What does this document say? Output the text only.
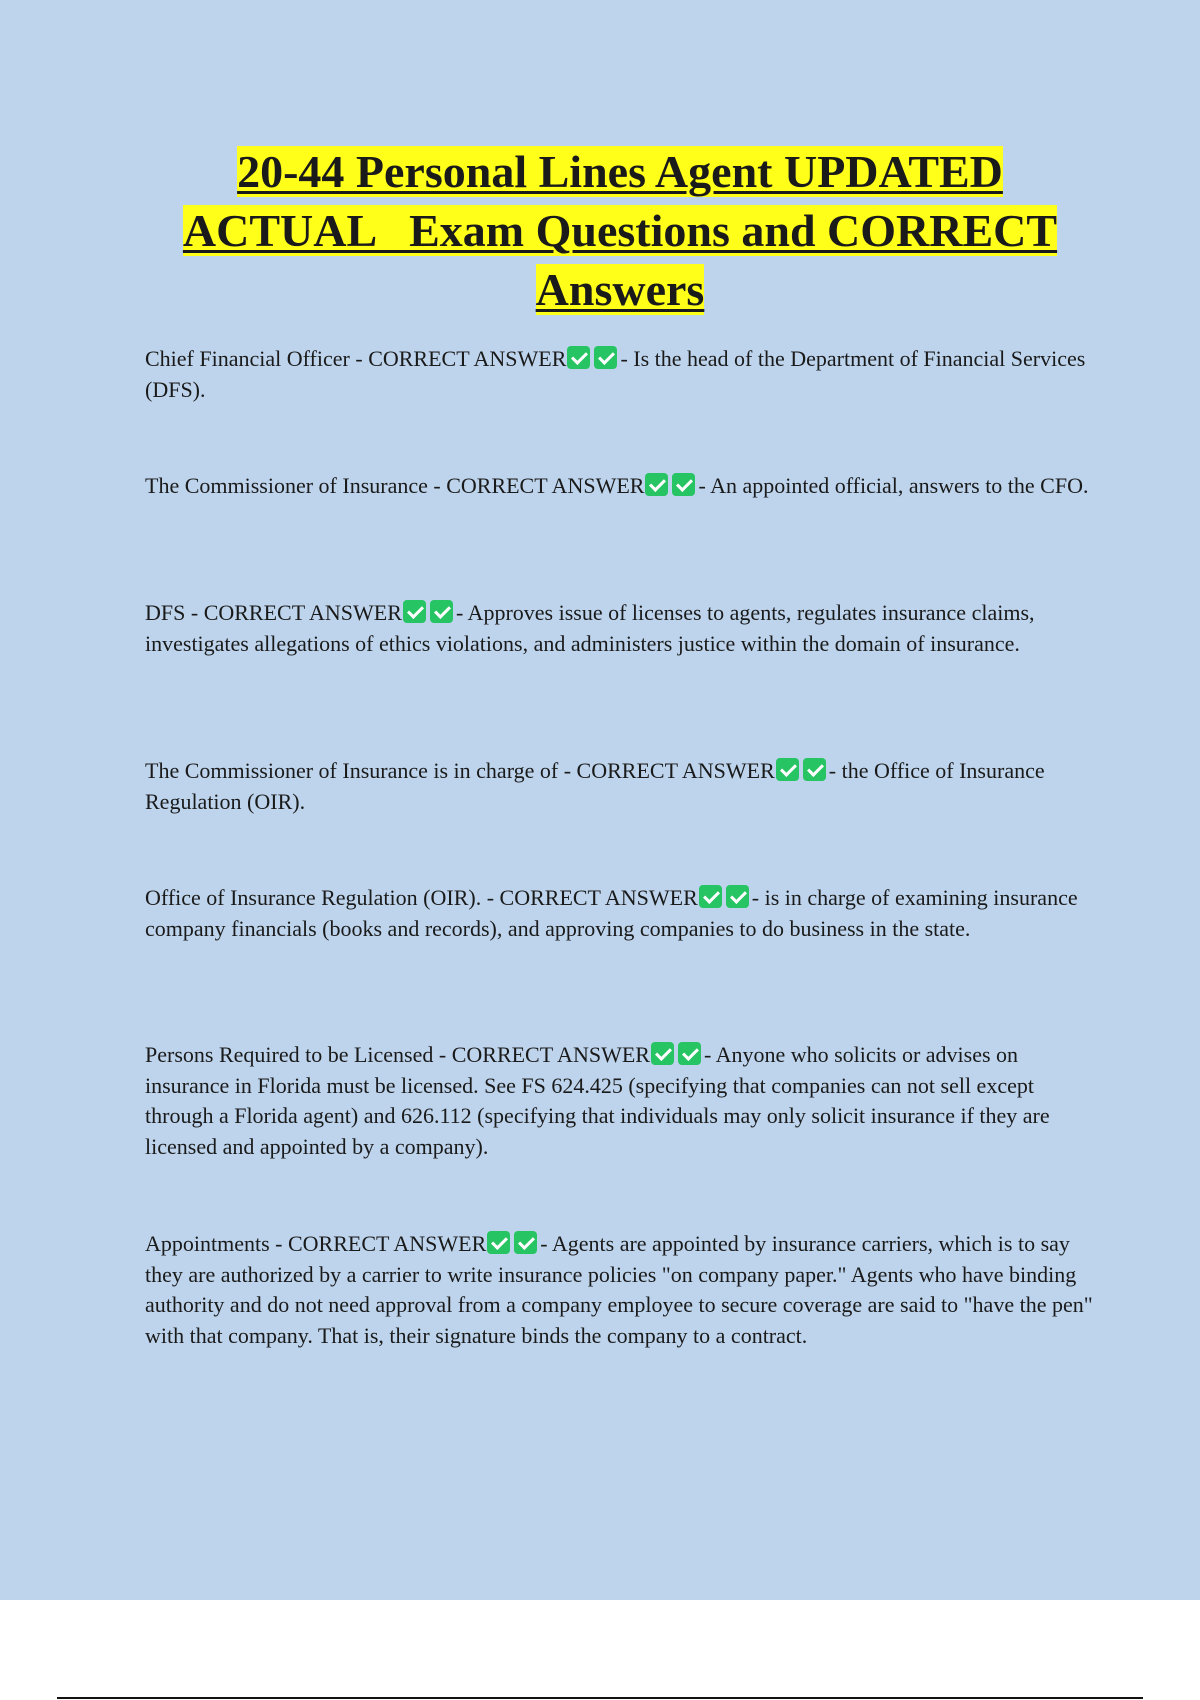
20-44 Personal Lines Agent UPDATED
ACTUAL   Exam Questions and CORRECT
Answers

Chief Financial Officer - CORRECT ANSWER - Is the head of the Department of Financial Services (DFS).

The Commissioner of Insurance - CORRECT ANSWER - An appointed official, answers to the CFO.

DFS - CORRECT ANSWER - Approves issue of licenses to agents, regulates insurance claims, investigates allegations of ethics violations, and administers justice within the domain of insurance.

The Commissioner of Insurance is in charge of - CORRECT ANSWER - the Office of Insurance Regulation (OIR).

Office of Insurance Regulation (OIR). - CORRECT ANSWER - is in charge of examining insurance company financials (books and records), and approving companies to do business in the state.

Persons Required to be Licensed - CORRECT ANSWER - Anyone who solicits or advises on insurance in Florida must be licensed. See FS 624.425 (specifying that companies can not sell except through a Florida agent) and 626.112 (specifying that individuals may only solicit insurance if they are licensed and appointed by a company).

Appointments - CORRECT ANSWER - Agents are appointed by insurance carriers, which is to say they are authorized by a carrier to write insurance policies "on company paper." Agents who have binding authority and do not need approval from a company employee to secure coverage are said to "have the pen" with that company. That is, their signature binds the company to a contract.
